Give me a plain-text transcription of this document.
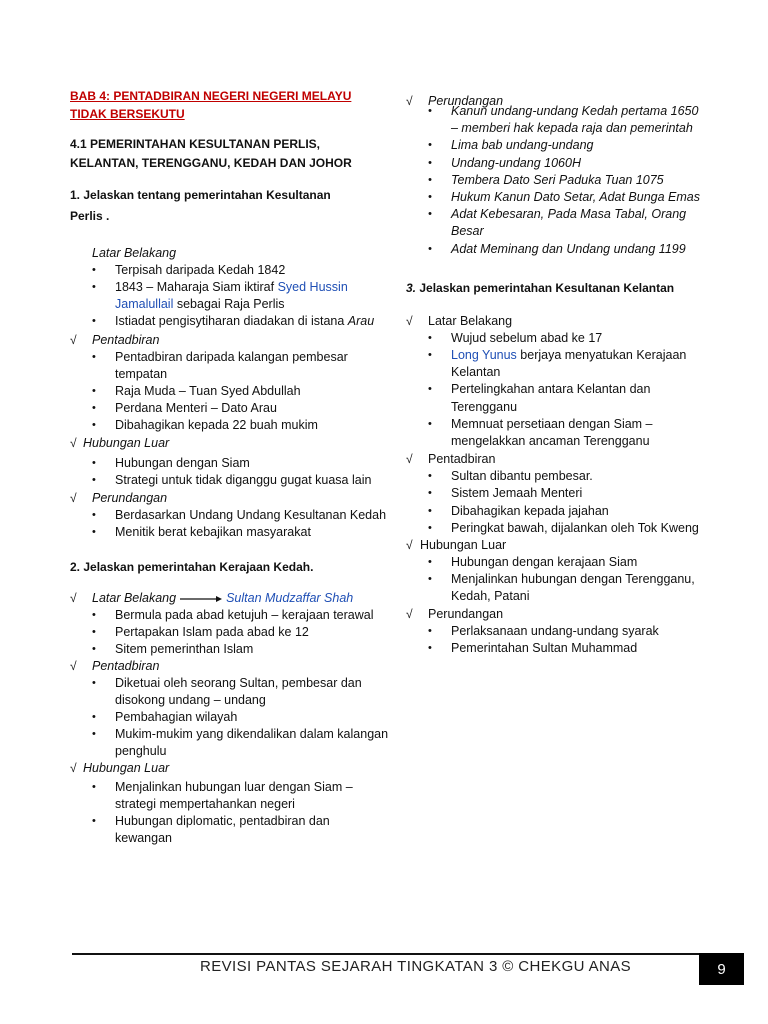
BAB 4: PENTADBIRAN NEGERI NEGERI MELAYU
TIDAK BERSEKUTU
4.1 PEMERINTAHAN KESULTANAN PERLIS,
KELANTAN, TERENGGANU, KEDAH DAN JOHOR
1. Jelaskan tentang pemerintahan Kesultanan
Perlis .
Latar Belakang
• Terpisah daripada Kedah 1842
• 1843 – Maharaja Siam iktiraf Syed Hussin Jamalullail sebagai Raja Perlis
• Istiadat pengisytiharan diadakan di istana Arau
√	Pentadbiran
• Pentadbiran daripada kalangan pembesar tempatan
• Raja Muda – Tuan Syed Abdullah
• Perdana Menteri – Dato Arau
• Dibahagikan kepada 22 buah mukim
√ Hubungan Luar
• Hubungan dengan Siam
• Strategi untuk tidak diganggu gugat kuasa lain
√	Perundangan
• Berdasarkan Undang Undang Kesultanan Kedah
• Menitik berat kebajikan masyarakat
2. Jelaskan pemerintahan Kerajaan Kedah.
√	Latar Belakang	Sultan Mudzaffar Shah
• Bermula pada abad ketujuh – kerajaan terawal
• Pertapakan Islam pada abad ke 12
• Sitem pemerinthan Islam
√	Pentadbiran
• Diketuai oleh seorang Sultan, pembesar dan disokong undang – undang
• Pembahagian wilayah
• Mukim-mukim yang dikendalikan dalam kalangan penghulu
√ Hubungan Luar
• Menjalinkan hubungan luar dengan Siam – strategi mempertahankan negeri
• Hubungan diplomatic, pentadbiran dan kewangan
√	Perundangan
• Kanun undang-undang Kedah pertama 1650 – memberi hak kepada raja dan pemerintah
• Lima bab undang-undang
• Undang-undang 1060H
• Tembera Dato Seri Paduka Tuan 1075
• Hukum Kanun Dato Setar, Adat Bunga Emas
• Adat Kebesaran, Pada Masa Tabal, Orang Besar
• Adat Meminang dan Undang undang 1199
3. Jelaskan pemerintahan Kesultanan Kelantan
√	Latar Belakang
• Wujud sebelum abad ke 17
• Long Yunus berjaya menyatukan Kerajaan Kelantan
• Pertelingkahan antara Kelantan dan Terengganu
• Memnuat persetiaan dengan Siam – mengelakkan ancaman Terengganu
√	Pentadbiran
• Sultan dibantu pembesar.
• Sistem Jemaah Menteri
• Dibahagikan kepada jajahan
• Peringkat bawah, dijalankan oleh Tok Kweng
√ Hubungan Luar
• Hubungan dengan kerajaan Siam
• Menjalinkan hubungan dengan Terengganu, Kedah, Patani
√	Perundangan
• Perlaksanaan undang-undang syarak
• Pemerintahan Sultan Muhammad
REVISI PANTAS SEJARAH TINGKATAN 3 © CHEKGU ANAS	9
